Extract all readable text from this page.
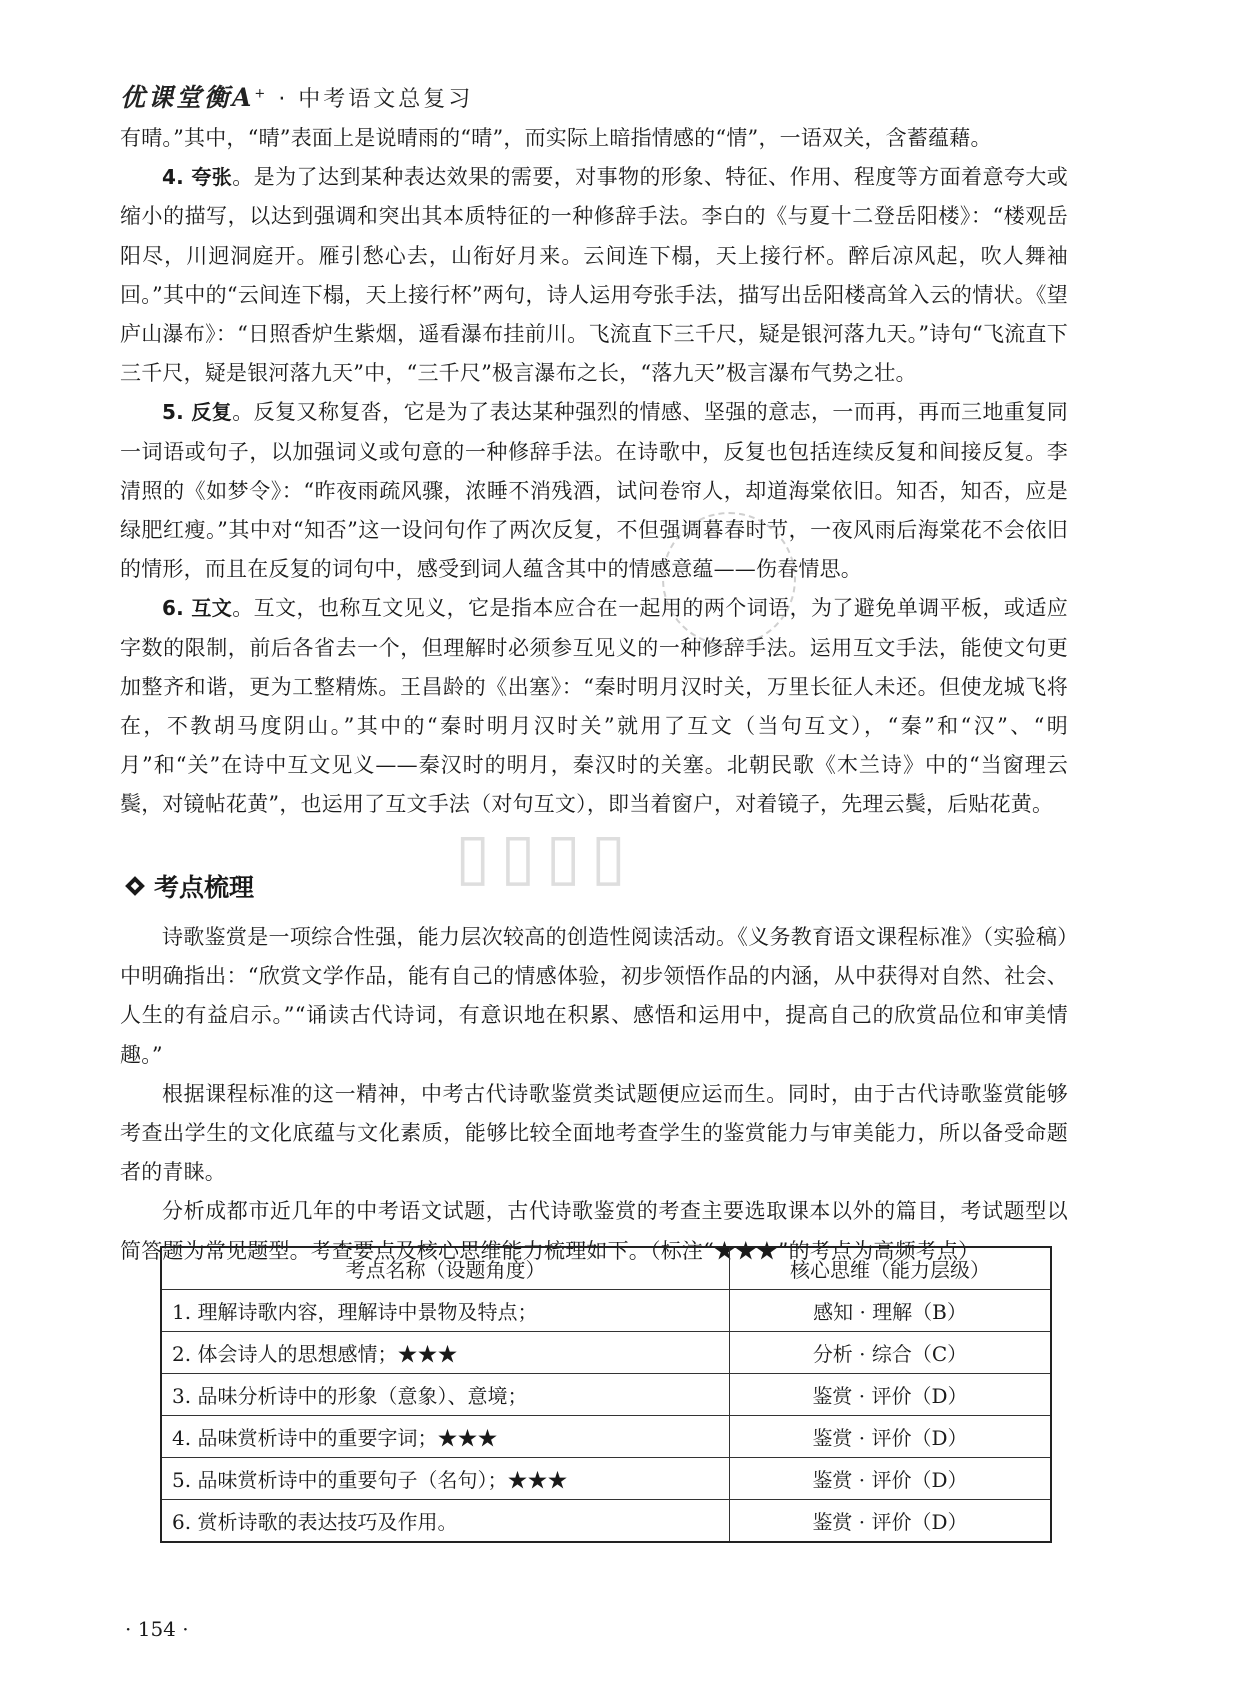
优课堂衡A+ · 中考语文总复习

有晴。”其中，“晴”表面上是说晴雨的“晴”，而实际上暗指情感的“情”，一语双关，含蓄蕴藉。

4. 夸张。是为了达到某种表达效果的需要，对事物的形象、特征、作用、程度等方面着意夸大或缩小的描写，以达到强调和突出其本质特征的一种修辞手法。李白的《与夏十二登岳阳楼》：“楼观岳阳尽，川迥洞庭开。雁引愁心去，山衔好月来。云间连下榻，天上接行杯。醉后凉风起，吹人舞袖回。”其中的“云间连下榻，天上接行杯”两句，诗人运用夸张手法，描写出岳阳楼高耸入云的情状。《望庐山瀑布》：“日照香炉生紫烟，遥看瀑布挂前川。飞流直下三千尺，疑是银河落九天。”诗句“飞流直下三千尺，疑是银河落九天”中，“三千尺”极言瀑布之长，“落九天”极言瀑布气势之壮。

5. 反复。反复又称复沓，它是为了表达某种强烈的情感、坚强的意志，一而再，再而三地重复同一词语或句子，以加强词义或句意的一种修辞手法。在诗歌中，反复也包括连续反复和间接反复。李清照的《如梦令》：“昨夜雨疏风骤，浓睡不消残酒，试问卷帘人，却道海棠依旧。知否，知否，应是绿肥红瘦。”其中对“知否”这一设问句作了两次反复，不但强调暮春时节，一夜风雨后海棠花不会依旧的情形，而且在反复的词句中，感受到词人蕴含其中的情感意蕴——伤春情思。

6. 互文。互文，也称互文见义，它是指本应合在一起用的两个词语，为了避免单调平板，或适应字数的限制，前后各省去一个，但理解时必须参互见义的一种修辞手法。运用互文手法，能使文句更加整齐和谐，更为工整精炼。王昌龄的《出塞》：“秦时明月汉时关，万里长征人未还。但使龙城飞将在，不教胡马度阴山。”其中的“秦时明月汉时关”就用了互文（当句互文），“秦”和“汉”、“明月”和“关”在诗中互文见义——秦汉时的明月，秦汉时的关塞。北朝民歌《木兰诗》中的“当窗理云鬓，对镜帖花黄”，也运用了互文手法（对句互文），即当着窗户，对着镜子，先理云鬓，后贴花黄。

▯▯▯▯
考点梳理

诗歌鉴赏是一项综合性强，能力层次较高的创造性阅读活动。《义务教育语文课程标准》（实验稿）中明确指出：“欣赏文学作品，能有自己的情感体验，初步领悟作品的内涵，从中获得对自然、社会、人生的有益启示。”“诵读古代诗词，有意识地在积累、感悟和运用中，提高自己的欣赏品位和审美情趣。”

根据课程标准的这一精神，中考古代诗歌鉴赏类试题便应运而生。同时，由于古代诗歌鉴赏能够考查出学生的文化底蕴与文化素质，能够比较全面地考查学生的鉴赏能力与审美能力，所以备受命题者的青睐。

分析成都市近几年的中考语文试题，古代诗歌鉴赏的考查主要选取课本以外的篇目，考试题型以简答题为常见题型。考查要点及核心思维能力梳理如下。（标注“★★★”的考点为高频考点）

考点名称（设题角度）	核心思维（能力层级）
1. 理解诗歌内容，理解诗中景物及特点；	感知 · 理解（B）
2. 体会诗人的思想感情；★★★	分析 · 综合（C）
3. 品味分析诗中的形象（意象）、意境；	鉴赏 · 评价（D）
4. 品味赏析诗中的重要字词；★★★	鉴赏 · 评价（D）
5. 品味赏析诗中的重要句子（名句）；★★★	鉴赏 · 评价（D）
6. 赏析诗歌的表达技巧及作用。	鉴赏 · 评价（D）
· 154 ·
